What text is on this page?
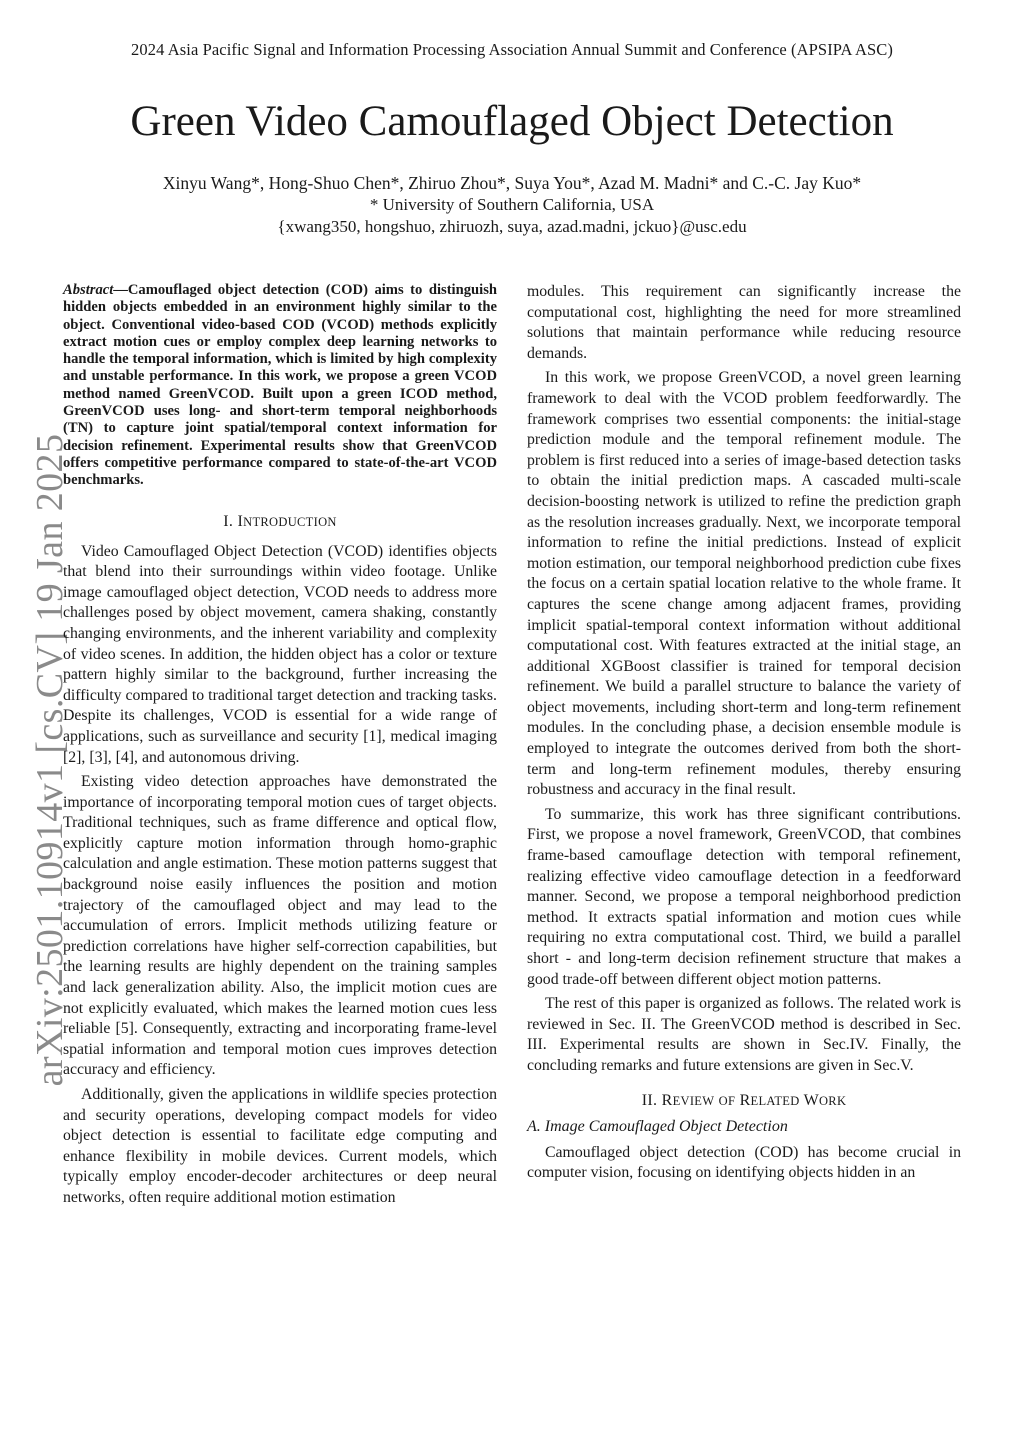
2024 Asia Pacific Signal and Information Processing Association Annual Summit and Conference (APSIPA ASC)
Green Video Camouflaged Object Detection
Xinyu Wang*, Hong-Shuo Chen*, Zhiruo Zhou*, Suya You*, Azad M. Madni* and C.-C. Jay Kuo*
* University of Southern California, USA
{xwang350, hongshuo, zhiruozh, suya, azad.madni, jckuo}@usc.edu
arXiv:2501.10914v1 [cs.CV] 19 Jan 2025

Abstract—Camouflaged object detection (COD) aims to distinguish hidden objects embedded in an environment highly similar to the object. Conventional video-based COD (VCOD) methods explicitly extract motion cues or employ complex deep learning networks to handle the temporal information, which is limited by high complexity and unstable performance. In this work, we propose a green VCOD method named GreenVCOD. Built upon a green ICOD method, GreenVCOD uses long- and short-term temporal neighborhoods (TN) to capture joint spatial/temporal context information for decision refinement. Experimental results show that GreenVCOD offers competitive performance compared to state-of-the-art VCOD benchmarks.

I. INTRODUCTION

Video Camouflaged Object Detection (VCOD) identifies objects that blend into their surroundings within video footage. Unlike image camouflaged object detection, VCOD needs to address more challenges posed by object movement, camera shaking, constantly changing environments, and the inherent variability and complexity of video scenes. In addition, the hidden object has a color or texture pattern highly similar to the background, further increasing the difficulty compared to traditional target detection and tracking tasks. Despite its challenges, VCOD is essential for a wide range of applications, such as surveillance and security [1], medical imaging [2], [3], [4], and autonomous driving.

Existing video detection approaches have demonstrated the importance of incorporating temporal motion cues of target objects. Traditional techniques, such as frame difference and optical flow, explicitly capture motion information through homo-graphic calculation and angle estimation. These motion patterns suggest that background noise easily influences the position and motion trajectory of the camouflaged object and may lead to the accumulation of errors. Implicit methods utilizing feature or prediction correlations have higher self-correction capabilities, but the learning results are highly dependent on the training samples and lack generalization ability. Also, the implicit motion cues are not explicitly evaluated, which makes the learned motion cues less reliable [5]. Consequently, extracting and incorporating frame-level spatial information and temporal motion cues improves detection accuracy and efficiency.

Additionally, given the applications in wildlife species protection and security operations, developing compact models for video object detection is essential to facilitate edge computing and enhance flexibility in mobile devices. Current models, which typically employ encoder-decoder architectures or deep neural networks, often require additional motion estimation

modules. This requirement can significantly increase the computational cost, highlighting the need for more streamlined solutions that maintain performance while reducing resource demands.

In this work, we propose GreenVCOD, a novel green learning framework to deal with the VCOD problem feedforwardly. The framework comprises two essential components: the initial-stage prediction module and the temporal refinement module. The problem is first reduced into a series of image-based detection tasks to obtain the initial prediction maps. A cascaded multi-scale decision-boosting network is utilized to refine the prediction graph as the resolution increases gradually. Next, we incorporate temporal information to refine the initial predictions. Instead of explicit motion estimation, our temporal neighborhood prediction cube fixes the focus on a certain spatial location relative to the whole frame. It captures the scene change among adjacent frames, providing implicit spatial-temporal context information without additional computational cost. With features extracted at the initial stage, an additional XGBoost classifier is trained for temporal decision refinement. We build a parallel structure to balance the variety of object movements, including short-term and long-term refinement modules. In the concluding phase, a decision ensemble module is employed to integrate the outcomes derived from both the short-term and long-term refinement modules, thereby ensuring robustness and accuracy in the final result.

To summarize, this work has three significant contributions. First, we propose a novel framework, GreenVCOD, that combines frame-based camouflage detection with temporal refinement, realizing effective video camouflage detection in a feedforward manner. Second, we propose a temporal neighborhood prediction method. It extracts spatial information and motion cues while requiring no extra computational cost. Third, we build a parallel short - and long-term decision refinement structure that makes a good trade-off between different object motion patterns.

The rest of this paper is organized as follows. The related work is reviewed in Sec. II. The GreenVCOD method is described in Sec. III. Experimental results are shown in Sec.IV. Finally, the concluding remarks and future extensions are given in Sec.V.

II. REVIEW OF RELATED WORK
A. Image Camouflaged Object Detection

Camouflaged object detection (COD) has become crucial in computer vision, focusing on identifying objects hidden in an
